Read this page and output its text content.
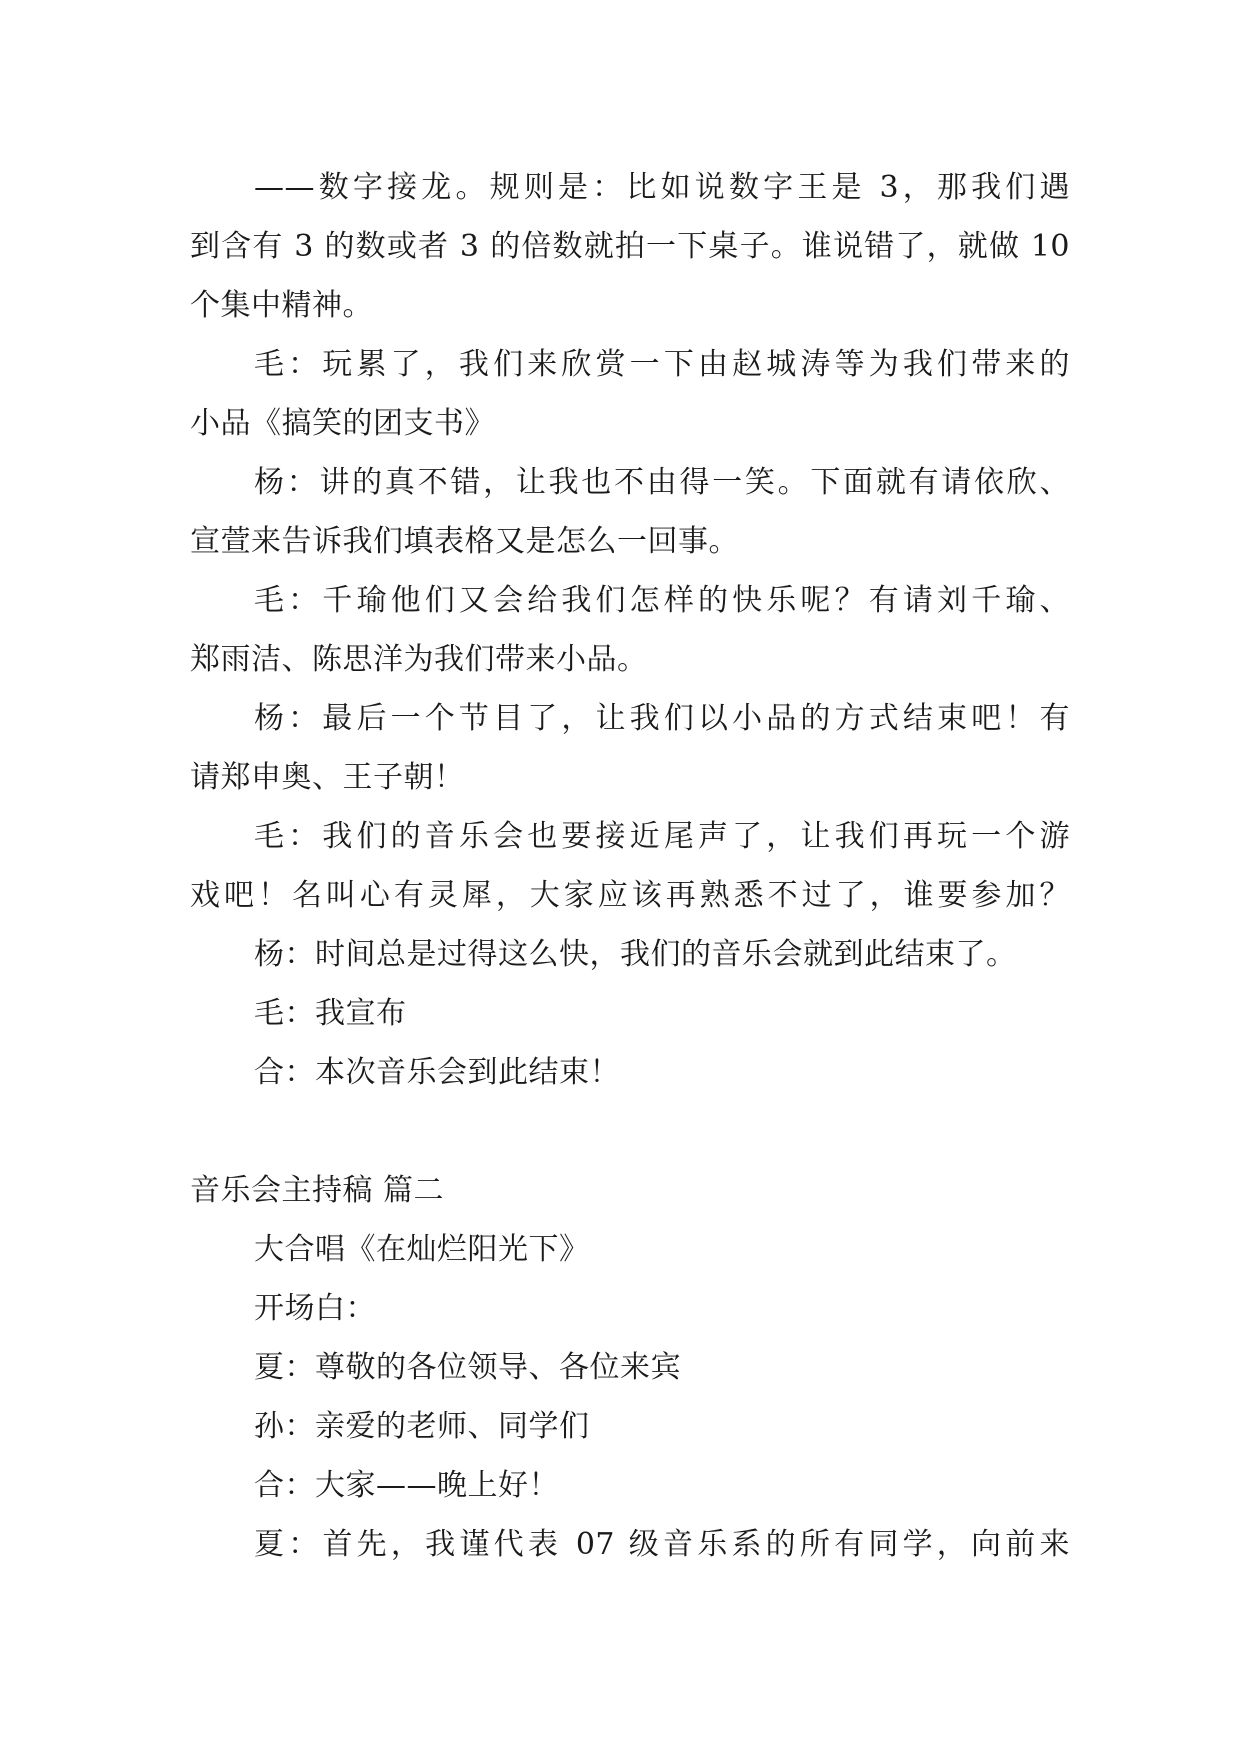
——数字接龙。规则是：比如说数字王是 3，那我们遇
到含有 3 的数或者 3 的倍数就拍一下桌子。谁说错了，就做 10
个集中精神。
毛：玩累了，我们来欣赏一下由赵城涛等为我们带来的
小品《搞笑的团支书》
杨：讲的真不错，让我也不由得一笑。下面就有请依欣、
宣萱来告诉我们填表格又是怎么一回事。
毛：千瑜他们又会给我们怎样的快乐呢？有请刘千瑜、
郑雨洁、陈思洋为我们带来小品。
杨：最后一个节目了，让我们以小品的方式结束吧！有
请郑申奥、王子朝！
毛：我们的音乐会也要接近尾声了，让我们再玩一个游
戏吧！名叫心有灵犀，大家应该再熟悉不过了，谁要参加？
杨：时间总是过得这么快，我们的音乐会就到此结束了。
毛：我宣布
合：本次音乐会到此结束！
音乐会主持稿 篇二
大合唱《在灿烂阳光下》
开场白：
夏：尊敬的各位领导、各位来宾
孙：亲爱的老师、同学们
合：大家——晚上好！
夏：首先，我谨代表 07 级音乐系的所有同学，向前来
